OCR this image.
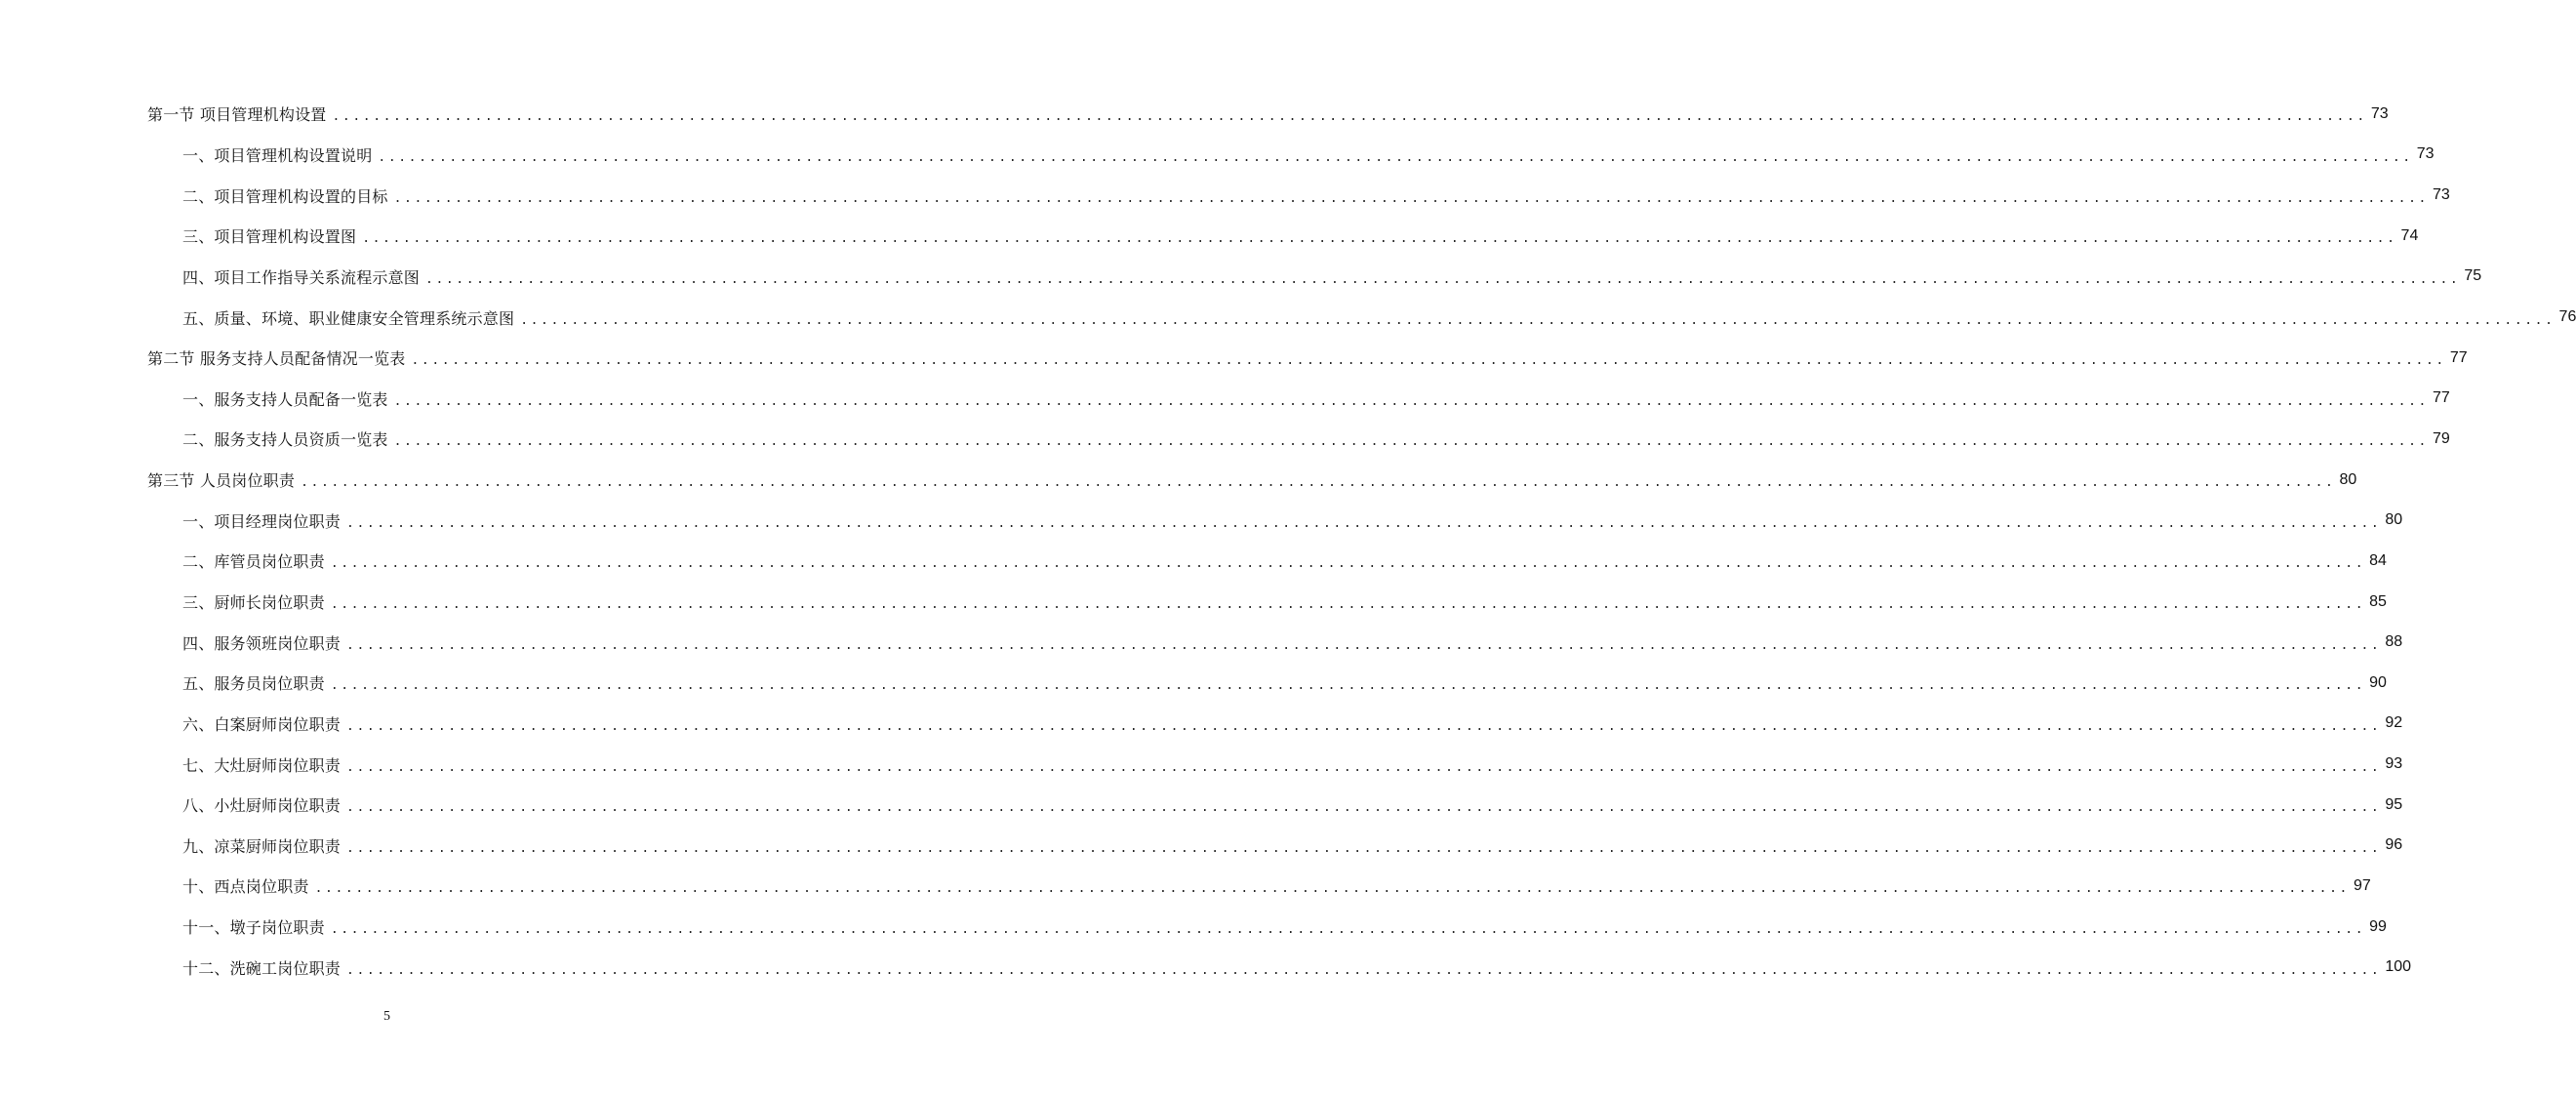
第一节 项目管理机构设置 ........................................................................................................................................................................................................ 73
一、项目管理机构设置说明 ........................................................................................................................................................................................................ 73
二、项目管理机构设置的目标 ........................................................................................................................................................................................................ 73
三、项目管理机构设置图 ........................................................................................................................................................................................................ 74
四、项目工作指导关系流程示意图 ........................................................................................................................................................................................................ 75
五、质量、环境、职业健康安全管理系统示意图 ........................................................................................................................................................................................................ 76
第二节 服务支持人员配备情况一览表 ........................................................................................................................................................................................................ 77
一、服务支持人员配备一览表 ........................................................................................................................................................................................................ 77
二、服务支持人员资质一览表 ........................................................................................................................................................................................................ 79
第三节 人员岗位职责 ........................................................................................................................................................................................................ 80
一、项目经理岗位职责 ........................................................................................................................................................................................................ 80
二、库管员岗位职责 ........................................................................................................................................................................................................ 84
三、厨师长岗位职责 ........................................................................................................................................................................................................ 85
四、服务领班岗位职责 ........................................................................................................................................................................................................ 88
五、服务员岗位职责 ........................................................................................................................................................................................................ 90
六、白案厨师岗位职责 ........................................................................................................................................................................................................ 92
七、大灶厨师岗位职责 ........................................................................................................................................................................................................ 93
八、小灶厨师岗位职责 ........................................................................................................................................................................................................ 95
九、凉菜厨师岗位职责 ........................................................................................................................................................................................................ 96
十、西点岗位职责 ........................................................................................................................................................................................................ 97
十一、墩子岗位职责 ........................................................................................................................................................................................................ 99
十二、洗碗工岗位职责 ........................................................................................................................................................................................................ 100
5
